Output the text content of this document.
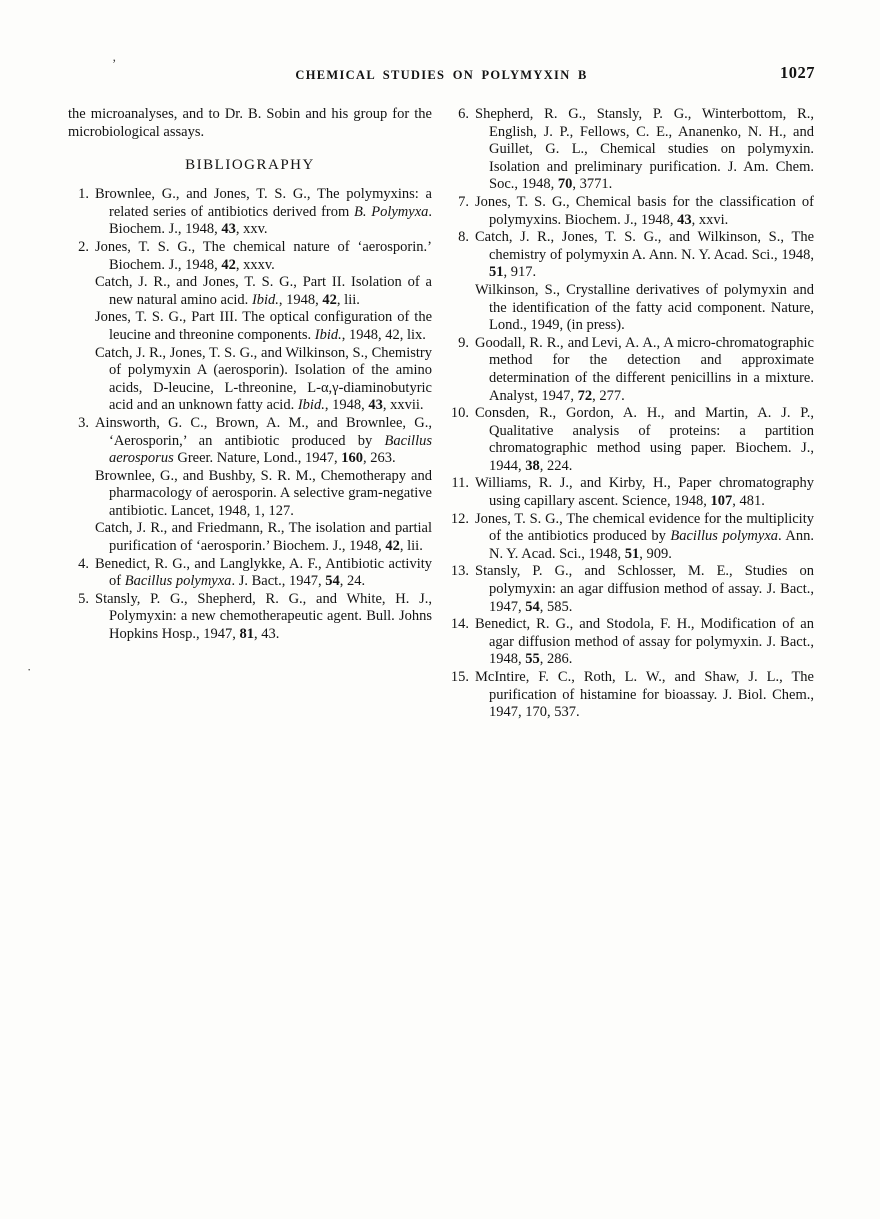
’
·
CHEMICAL STUDIES ON POLYMYXIN B	1027

the microanalyses, and to Dr. B. Sobin and his group for the microbiological assays.

BIBLIOGRAPHY
1. Brownlee, G., and Jones, T. S. G., The polymyxins: a related series of antibiotics derived from B. Polymyxa. Biochem. J., 1948, 43, xxv.
2. Jones, T. S. G., The chemical nature of ‘aerosporin.’ Biochem. J., 1948, 42, xxxv.
Catch, J. R., and Jones, T. S. G., Part II. Isolation of a new natural amino acid. Ibid., 1948, 42, lii.
Jones, T. S. G., Part III. The optical configuration of the leucine and threonine components. Ibid., 1948, 42, lix.
Catch, J. R., Jones, T. S. G., and Wilkinson, S., Chemistry of polymyxin A (aerosporin). Isolation of the amino acids, D-leucine, L-threonine, L-α,γ-diaminobutyric acid and an unknown fatty acid. Ibid., 1948, 43, xxvii.
3. Ainsworth, G. C., Brown, A. M., and Brownlee, G., ‘Aerosporin,’ an antibiotic produced by Bacillus aerosporus Greer. Nature, Lond., 1947, 160, 263.
Brownlee, G., and Bushby, S. R. M., Chemotherapy and pharmacology of aerosporin. A selective gram-negative antibiotic. Lancet, 1948, 1, 127.
Catch, J. R., and Friedmann, R., The isolation and partial purification of ‘aerosporin.’ Biochem. J., 1948, 42, lii.
4. Benedict, R. G., and Langlykke, A. F., Antibiotic activity of Bacillus polymyxa. J. Bact., 1947, 54, 24.
5. Stansly, P. G., Shepherd, R. G., and White, H. J., Polymyxin: a new chemotherapeutic agent. Bull. Johns Hopkins Hosp., 1947, 81, 43.
6. Shepherd, R. G., Stansly, P. G., Winterbottom, R., English, J. P., Fellows, C. E., Ananenko, N. H., and Guillet, G. L., Chemical studies on polymyxin. Isolation and preliminary purification. J. Am. Chem. Soc., 1948, 70, 3771.
7. Jones, T. S. G., Chemical basis for the classification of polymyxins. Biochem. J., 1948, 43, xxvi.
8. Catch, J. R., Jones, T. S. G., and Wilkinson, S., The chemistry of polymyxin A. Ann. N. Y. Acad. Sci., 1948, 51, 917.
Wilkinson, S., Crystalline derivatives of polymyxin and the identification of the fatty acid component. Nature, Lond., 1949, (in press).
9. Goodall, R. R., and Levi, A. A., A micro-chromatographic method for the detection and approximate determination of the different penicillins in a mixture. Analyst, 1947, 72, 277.
10. Consden, R., Gordon, A. H., and Martin, A. J. P., Qualitative analysis of proteins: a partition chromatographic method using paper. Biochem. J., 1944, 38, 224.
11. Williams, R. J., and Kirby, H., Paper chromatography using capillary ascent. Science, 1948, 107, 481.
12. Jones, T. S. G., The chemical evidence for the multiplicity of the antibiotics produced by Bacillus polymyxa. Ann. N. Y. Acad. Sci., 1948, 51, 909.
13. Stansly, P. G., and Schlosser, M. E., Studies on polymyxin: an agar diffusion method of assay. J. Bact., 1947, 54, 585.
14. Benedict, R. G., and Stodola, F. H., Modification of an agar diffusion method of assay for polymyxin. J. Bact., 1948, 55, 286.
15. McIntire, F. C., Roth, L. W., and Shaw, J. L., The purification of histamine for bioassay. J. Biol. Chem., 1947, 170, 537.
